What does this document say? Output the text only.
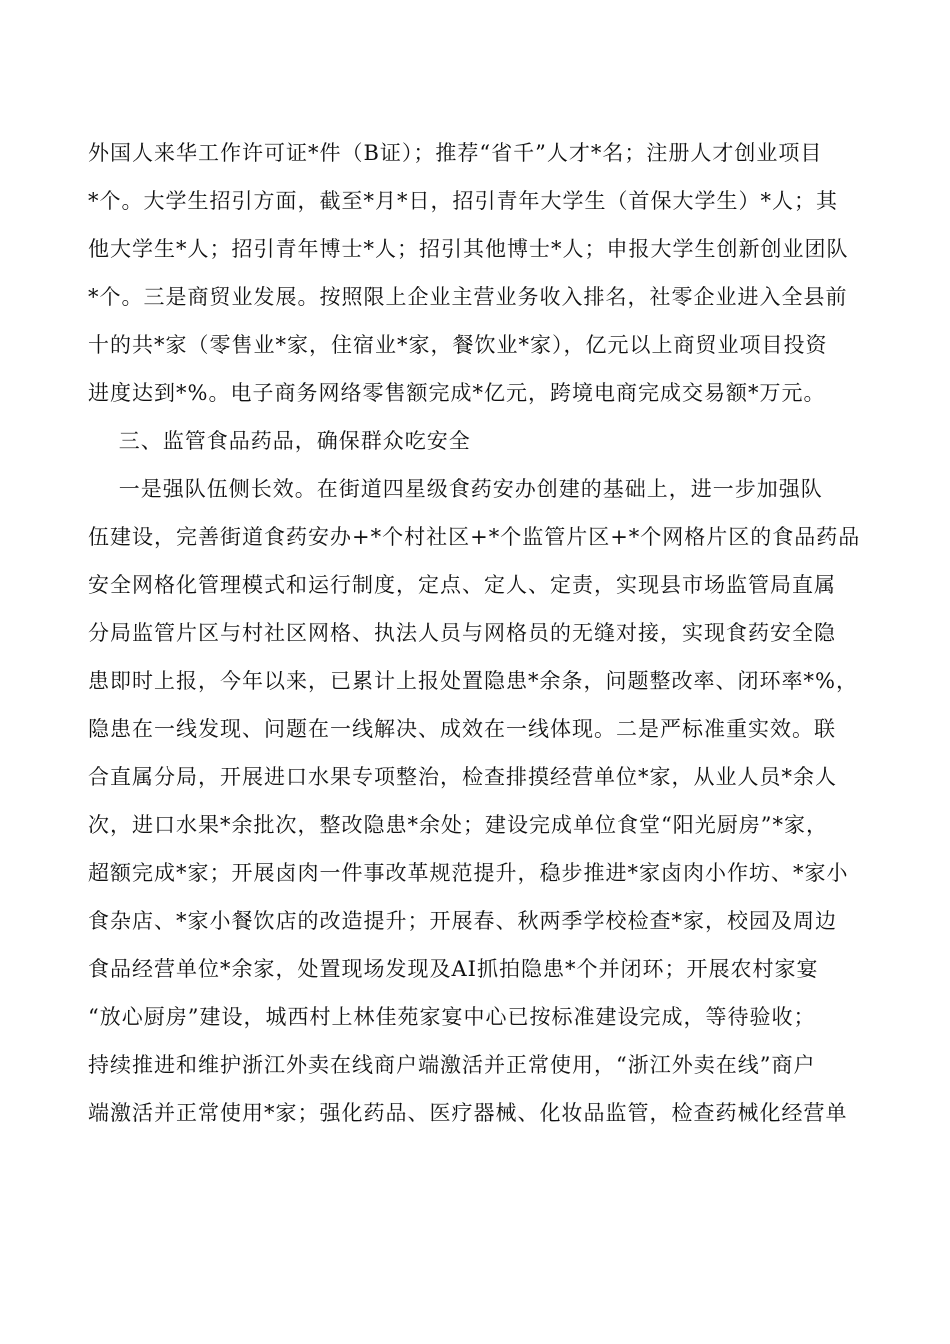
外国人来华工作许可证*件（B证）；推荐“省千”人才*名；注册人才创业项目
*个。大学生招引方面，截至*月*日，招引青年大学生（首保大学生）*人；其
他大学生*人；招引青年博士*人；招引其他博士*人；申报大学生创新创业团队
*个。三是商贸业发展。按照限上企业主营业务收入排名，社零企业进入全县前
十的共*家（零售业*家，住宿业*家，餐饮业*家），亿元以上商贸业项目投资
进度达到*%。电子商务网络零售额完成*亿元，跨境电商完成交易额*万元。
三、监管食品药品，确保群众吃安全
一是强队伍侧长效。在街道四星级食药安办创建的基础上，进一步加强队
伍建设，完善街道食药安办+*个村社区+*个监管片区+*个网格片区的食品药品
安全网格化管理模式和运行制度，定点、定人、定责，实现县市场监管局直属
分局监管片区与村社区网格、执法人员与网格员的无缝对接，实现食药安全隐
患即时上报，今年以来，已累计上报处置隐患*余条，问题整改率、闭环率*%，
隐患在一线发现、问题在一线解决、成效在一线体现。二是严标准重实效。联
合直属分局，开展进口水果专项整治，检查排摸经营单位*家，从业人员*余人
次，进口水果*余批次，整改隐患*余处；建设完成单位食堂“阳光厨房”*家，
超额完成*家；开展卤肉一件事改革规范提升，稳步推进*家卤肉小作坊、*家小
食杂店、*家小餐饮店的改造提升；开展春、秋两季学校检查*家，校园及周边
食品经营单位*余家，处置现场发现及AI抓拍隐患*个并闭环；开展农村家宴
“放心厨房”建设，城西村上林佳苑家宴中心已按标准建设完成，等待验收；
持续推进和维护浙江外卖在线商户端激活并正常使用，“浙江外卖在线”商户
端激活并正常使用*家；强化药品、医疗器械、化妆品监管，检查药械化经营单
